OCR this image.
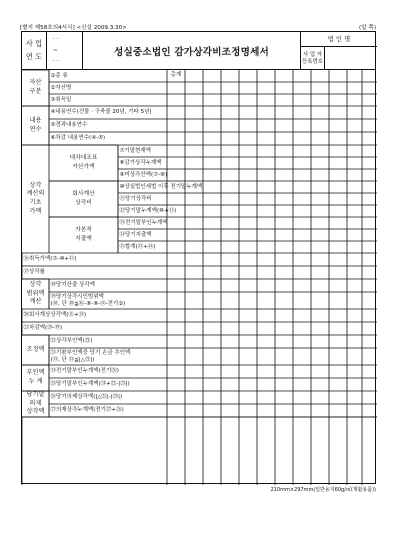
[별지 제58호의4서식] <신설 2009.3.30>	(앞 쪽)
사 업
연 도
· ·
~
· ·
성실중소법인 감가상각비조정명세서
법 인 명
사 업 자
등록번호
①종 류
②자산명
③취득일
④내용연수(건물 · 구축물 20년, 기타 5년)
⑤경과내용연수
⑥차감 내용연수(④-⑤)
⑦기말현재액
⑧감가상각누계액
⑨미상각잔액(⑦-⑧)
⑩상실법인세법 이후 전기말누계액
⑪당기상각비
⑫당기말누계액(⑩+⑪)
⑬전기말부인누계액
⑭당기지출액
⑮합계(⑬+⑭)
⑯취득가액(⑦-⑩+⑮)
⑰상각률
⑱당기산출 상각액
⑲당기상각시인범위액
(⑱, 단 ⑱≦⑯-⑧-⑧-⑭-전기②)
⑳회사계상상각액(⑪+⑭)
㉑차감액(⑳-⑲)
㉒상각부인액(㉑)
㉓기왕부인액중 당기 손금 추인액
(⑬, 단 ⑬≦|△㉑|)
㉔전기말부인누계액(전기㉖)
㉕당기말부인누계액(㉔+㉒-|㉓|)
㉖당기의제상각액(|△㉑|-|㉓|)
㉗의제상각누계액(전기㉗+㉖)
자산
구분
내용
연수
상각
계산의
기초
가액
대차대조표
자산가액
회사계산
상각비
자본적
지출액
상각
범위액
계산
조정액
부인액
누 계
당기말
의제
상각액
총계
210mm×297mm(일반용지60g/㎡(재활용품))
